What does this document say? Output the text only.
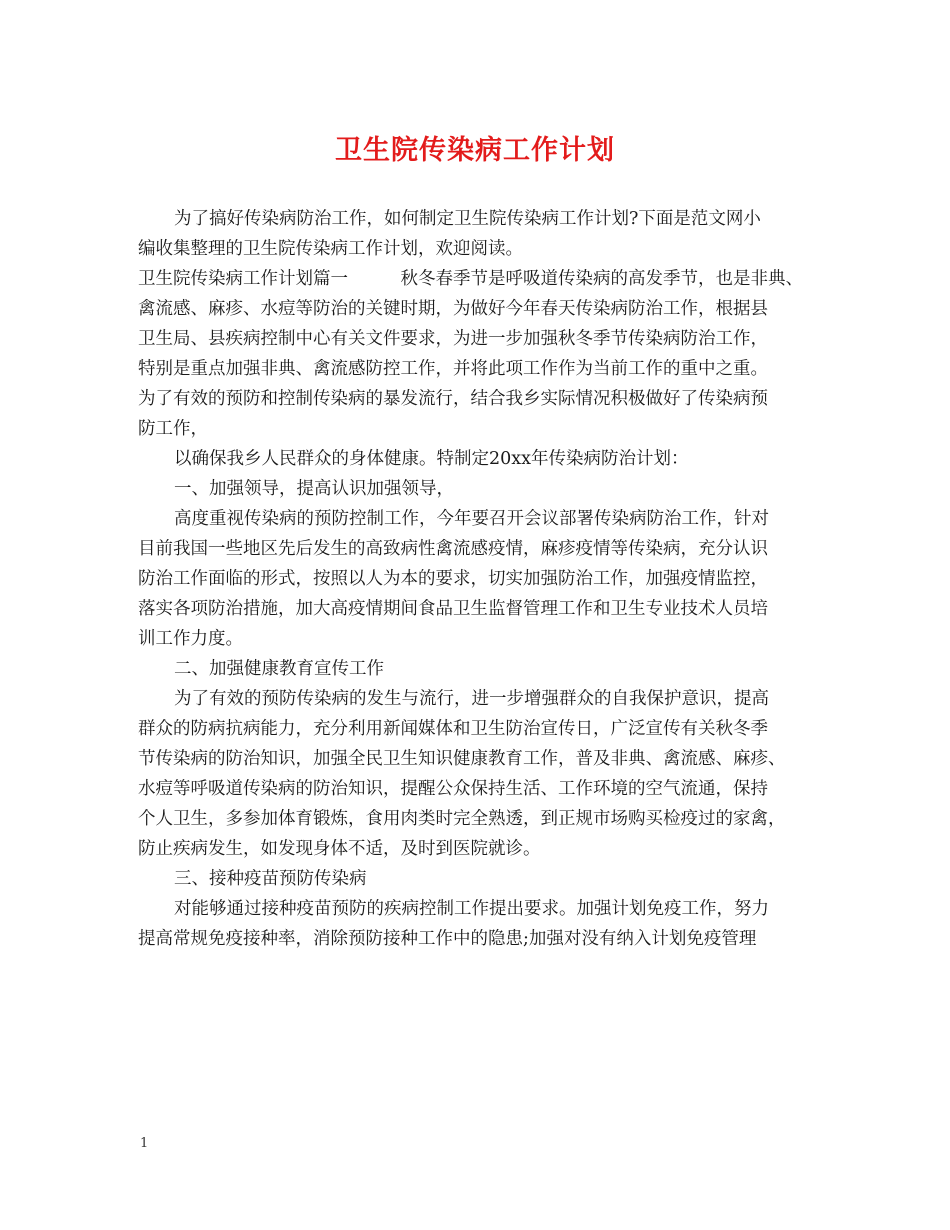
卫生院传染病工作计划
为了搞好传染病防治工作，如何制定卫生院传染病工作计划?下面是范文网小
编收集整理的卫生院传染病工作计划，欢迎阅读。
卫生院传染病工作计划篇一　　　秋冬春季节是呼吸道传染病的高发季节，也是非典、
禽流感、麻疹、水痘等防治的关键时期，为做好今年春天传染病防治工作，根据县
卫生局、县疾病控制中心有关文件要求，为进一步加强秋冬季节传染病防治工作，
特别是重点加强非典、禽流感防控工作，并将此项工作作为当前工作的重中之重。
为了有效的预防和控制传染病的暴发流行，结合我乡实际情况积极做好了传染病预
防工作，
以确保我乡人民群众的身体健康。特制定20xx年传染病防治计划：
一、加强领导，提高认识加强领导，
高度重视传染病的预防控制工作，今年要召开会议部署传染病防治工作，针对
目前我国一些地区先后发生的高致病性禽流感疫情，麻疹疫情等传染病，充分认识
防治工作面临的形式，按照以人为本的要求，切实加强防治工作，加强疫情监控，
落实各项防治措施，加大高疫情期间食品卫生监督管理工作和卫生专业技术人员培
训工作力度。
二、加强健康教育宣传工作
为了有效的预防传染病的发生与流行，进一步增强群众的自我保护意识，提高
群众的防病抗病能力，充分利用新闻媒体和卫生防治宣传日，广泛宣传有关秋冬季
节传染病的防治知识，加强全民卫生知识健康教育工作，普及非典、禽流感、麻疹、
水痘等呼吸道传染病的防治知识，提醒公众保持生活、工作环境的空气流通，保持
个人卫生，多参加体育锻炼，食用肉类时完全熟透，到正规市场购买检疫过的家禽，
防止疾病发生，如发现身体不适，及时到医院就诊。
三、接种疫苗预防传染病
对能够通过接种疫苗预防的疾病控制工作提出要求。加强计划免疫工作，努力
提高常规免疫接种率，消除预防接种工作中的隐患;加强对没有纳入计划免疫管理
1
